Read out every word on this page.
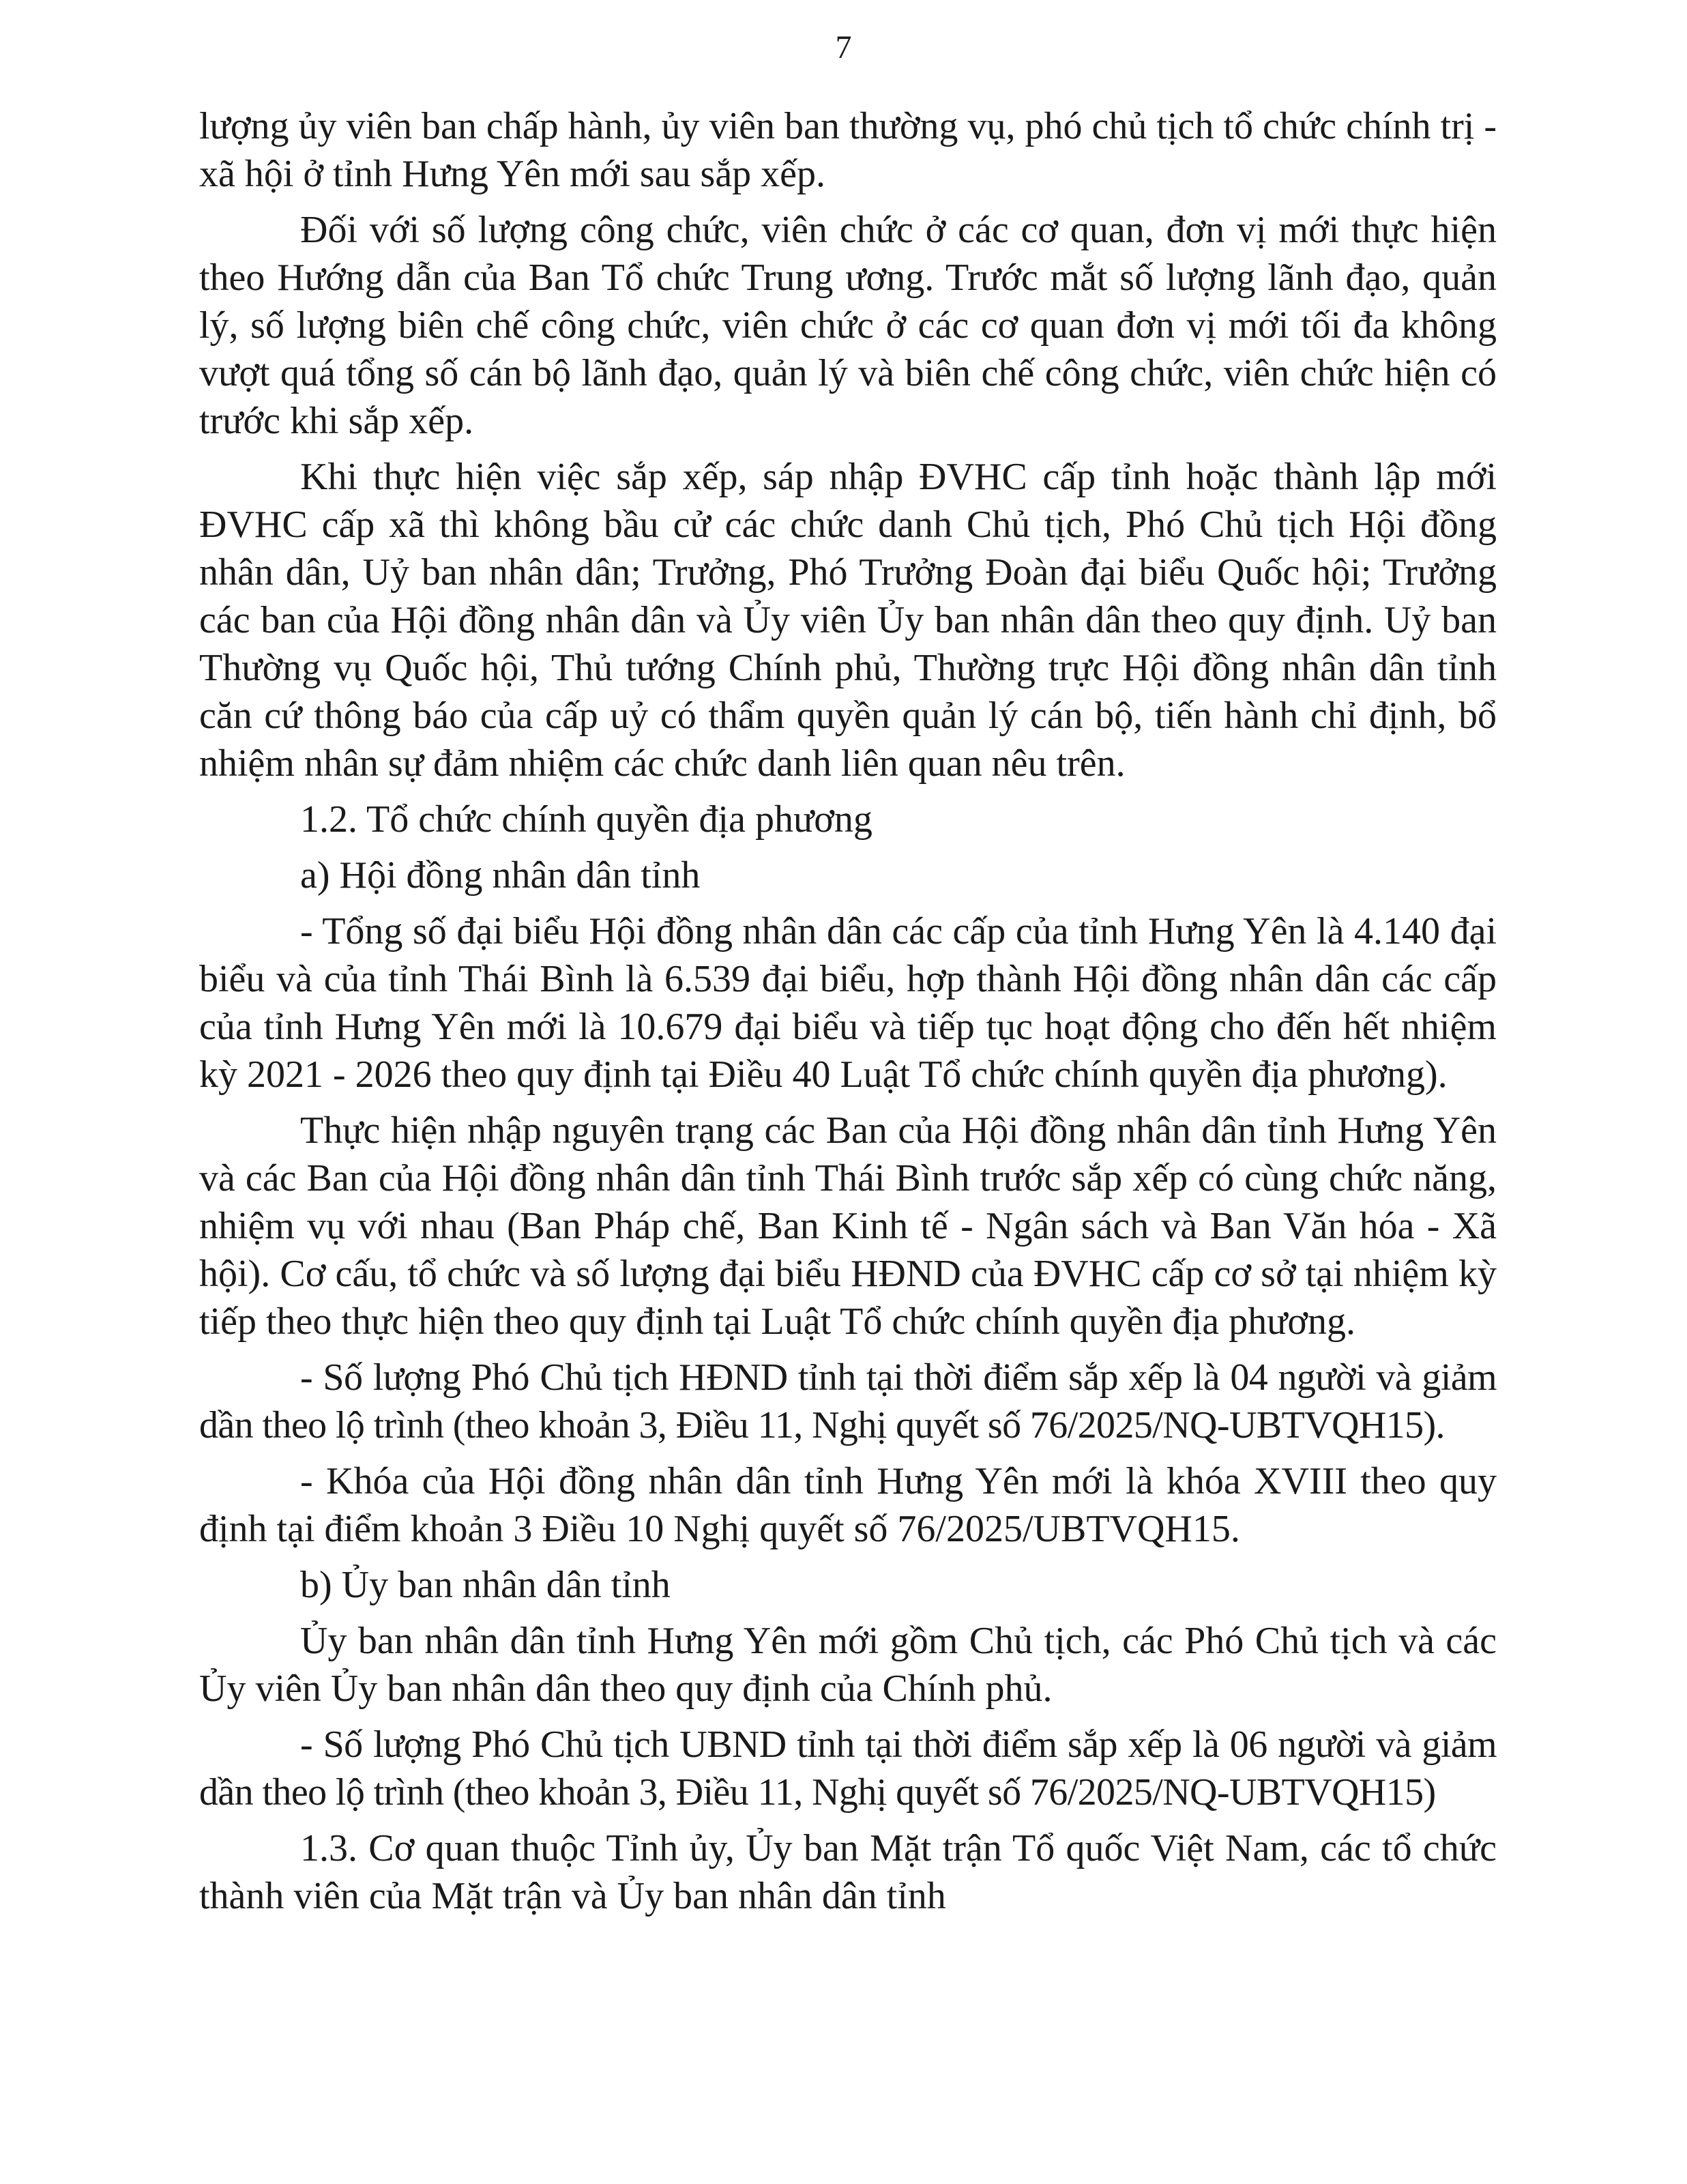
7

lượng ủy viên ban chấp hành, ủy viên ban thường vụ, phó chủ tịch tổ chức chính trị - xã hội ở tỉnh Hưng Yên mới sau sắp xếp.

Đối với số lượng công chức, viên chức ở các cơ quan, đơn vị mới thực hiện theo Hướng dẫn của Ban Tổ chức Trung ương. Trước mắt số lượng lãnh đạo, quản lý, số lượng biên chế công chức, viên chức ở các cơ quan đơn vị mới tối đa không vượt quá tổng số cán bộ lãnh đạo, quản lý và biên chế công chức, viên chức hiện có trước khi sắp xếp.

Khi thực hiện việc sắp xếp, sáp nhập ĐVHC cấp tỉnh hoặc thành lập mới ĐVHC cấp xã thì không bầu cử các chức danh Chủ tịch, Phó Chủ tịch Hội đồng nhân dân, Uỷ ban nhân dân; Trưởng, Phó Trưởng Đoàn đại biểu Quốc hội; Trưởng các ban của Hội đồng nhân dân và Ủy viên Ủy ban nhân dân theo quy định. Uỷ ban Thường vụ Quốc hội, Thủ tướng Chính phủ, Thường trực Hội đồng nhân dân tỉnh căn cứ thông báo của cấp uỷ có thẩm quyền quản lý cán bộ, tiến hành chỉ định, bổ nhiệm nhân sự đảm nhiệm các chức danh liên quan nêu trên.

1.2. Tổ chức chính quyền địa phương

a) Hội đồng nhân dân tỉnh

- Tổng số đại biểu Hội đồng nhân dân các cấp của tỉnh Hưng Yên là 4.140 đại biểu và của tỉnh Thái Bình là 6.539 đại biểu, hợp thành Hội đồng nhân dân các cấp của tỉnh Hưng Yên mới là 10.679 đại biểu và tiếp tục hoạt động cho đến hết nhiệm kỳ 2021 - 2026 theo quy định tại Điều 40 Luật Tổ chức chính quyền địa phương).

Thực hiện nhập nguyên trạng các Ban của Hội đồng nhân dân tỉnh Hưng Yên và các Ban của Hội đồng nhân dân tỉnh Thái Bình trước sắp xếp có cùng chức năng, nhiệm vụ với nhau (Ban Pháp chế, Ban Kinh tế - Ngân sách và Ban Văn hóa - Xã hội). Cơ cấu, tổ chức và số lượng đại biểu HĐND của ĐVHC cấp cơ sở tại nhiệm kỳ tiếp theo thực hiện theo quy định tại Luật Tổ chức chính quyền địa phương.

- Số lượng Phó Chủ tịch HĐND tỉnh tại thời điểm sắp xếp là 04 người và giảm dần theo lộ trình (theo khoản 3, Điều 11, Nghị quyết số 76/2025/NQ-UBTVQH15).

- Khóa của Hội đồng nhân dân tỉnh Hưng Yên mới là khóa XVIII theo quy định tại điểm khoản 3 Điều 10 Nghị quyết số 76/2025/UBTVQH15.

b) Ủy ban nhân dân tỉnh

Ủy ban nhân dân tỉnh Hưng Yên mới gồm Chủ tịch, các Phó Chủ tịch và các Ủy viên Ủy ban nhân dân theo quy định của Chính phủ.

- Số lượng Phó Chủ tịch UBND tỉnh tại thời điểm sắp xếp là 06 người và giảm dần theo lộ trình (theo khoản 3, Điều 11, Nghị quyết số 76/2025/NQ-UBTVQH15)

1.3. Cơ quan thuộc Tỉnh ủy, Ủy ban Mặt trận Tổ quốc Việt Nam, các tổ chức thành viên của Mặt trận và Ủy ban nhân dân tỉnh
